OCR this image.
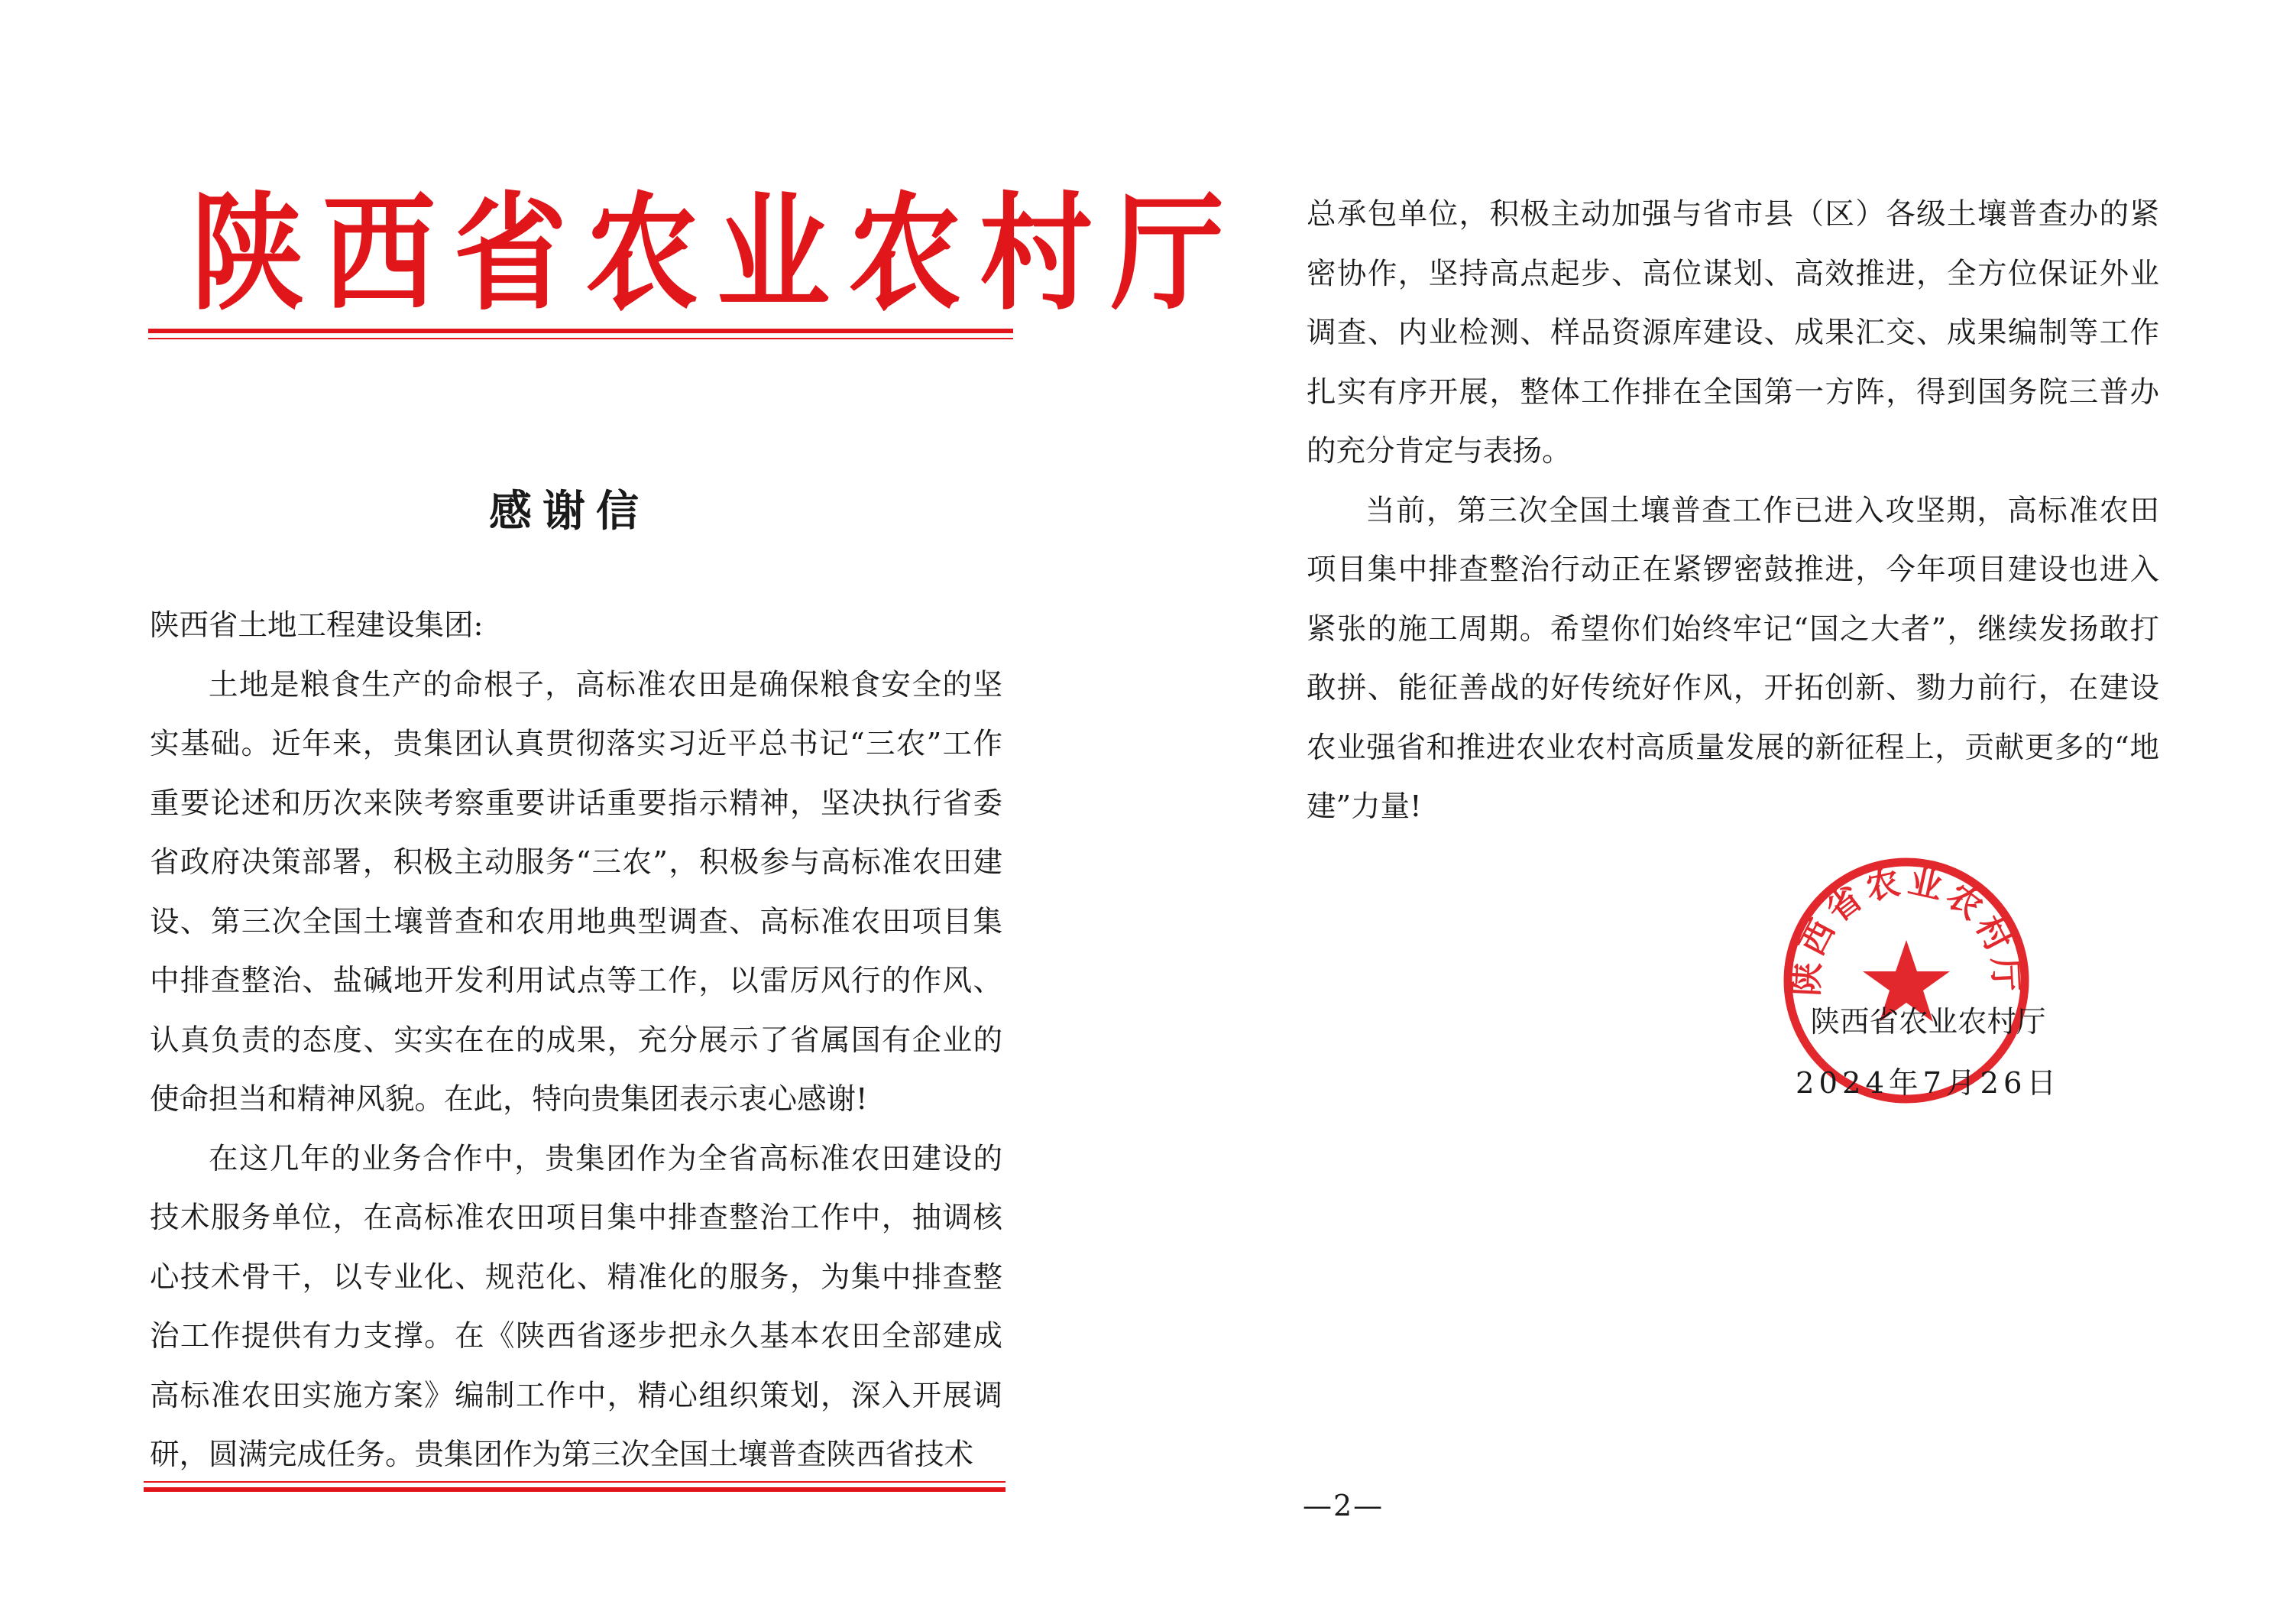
陕西省农业农村厅
感谢信

陕西省土地工程建设集团:

土地是粮食生产的命根子，高标准农田是确保粮食安全的坚实基础。近年来，贵集团认真贯彻落实习近平总书记“三农”工作重要论述和历次来陕考察重要讲话重要指示精神，坚决执行省委省政府决策部署，积极主动服务“三农”，积极参与高标准农田建设、第三次全国土壤普查和农用地典型调查、高标准农田项目集中排查整治、盐碱地开发利用试点等工作，以雷厉风行的作风、认真负责的态度、实实在在的成果，充分展示了省属国有企业的使命担当和精神风貌。在此，特向贵集团表示衷心感谢!

在这几年的业务合作中，贵集团作为全省高标准农田建设的技术服务单位，在高标准农田项目集中排查整治工作中，抽调核心技术骨干，以专业化、规范化、精准化的服务，为集中排查整治工作提供有力支撑。在《陕西省逐步把永久基本农田全部建成高标准农田实施方案》编制工作中，精心组织策划，深入开展调研，圆满完成任务。贵集团作为第三次全国土壤普查陕西省技术

总承包单位，积极主动加强与省市县（区）各级土壤普查办的紧密协作，坚持高点起步、高位谋划、高效推进，全方位保证外业调查、内业检测、样品资源库建设、成果汇交、成果编制等工作扎实有序开展，整体工作排在全国第一方阵，得到国务院三普办的充分肯定与表扬。

当前，第三次全国土壤普查工作已进入攻坚期，高标准农田项目集中排查整治行动正在紧锣密鼓推进，今年项目建设也进入紧张的施工周期。希望你们始终牢记“国之大者”，继续发扬敢打敢拼、能征善战的好传统好作风，开拓创新、勠力前行，在建设农业强省和推进农业农村高质量发展的新征程上，贡献更多的“地建”力量!

陕西省农业农村厅
陕西省农业农村厅
2024年7月26日
—2—
